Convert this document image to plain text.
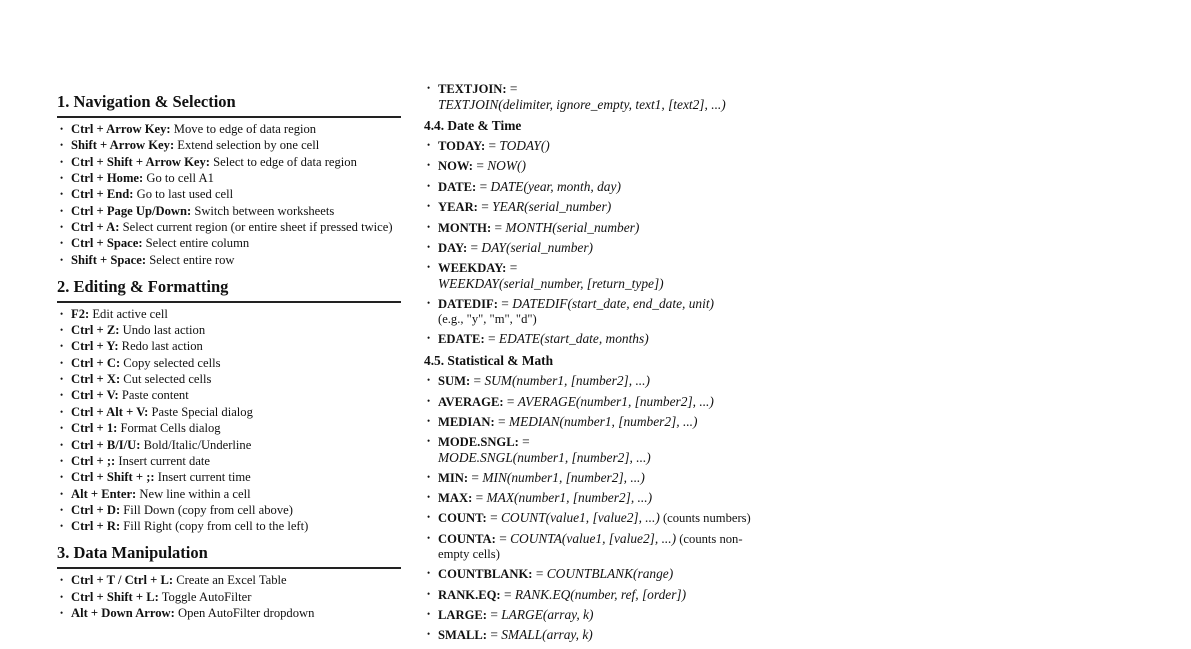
1. Navigation & Selection
• Ctrl + Arrow Key: Move to edge of data region
• Shift + Arrow Key: Extend selection by one cell
• Ctrl + Shift + Arrow Key: Select to edge of data region
• Ctrl + Home: Go to cell A1
• Ctrl + End: Go to last used cell
• Ctrl + Page Up/Down: Switch between worksheets
• Ctrl + A: Select current region (or entire sheet if pressed twice)
• Ctrl + Space: Select entire column
• Shift + Space: Select entire row
2. Editing & Formatting
• F2: Edit active cell
• Ctrl + Z: Undo last action
• Ctrl + Y: Redo last action
• Ctrl + C: Copy selected cells
• Ctrl + X: Cut selected cells
• Ctrl + V: Paste content
• Ctrl + Alt + V: Paste Special dialog
• Ctrl + 1: Format Cells dialog
• Ctrl + B/I/U: Bold/Italic/Underline
• Ctrl + ;: Insert current date
• Ctrl + Shift + ;: Insert current time
• Alt + Enter: New line within a cell
• Ctrl + D: Fill Down (copy from cell above)
• Ctrl + R: Fill Right (copy from cell to the left)
3. Data Manipulation
• Ctrl + T / Ctrl + L: Create an Excel Table
• Ctrl + Shift + L: Toggle AutoFilter
• Alt + Down Arrow: Open AutoFilter dropdown
• TEXTJOIN: =
TEXTJOIN(delimiter, ignore_empty, text1, [text2], ...)
4.4. Date & Time
• TODAY: = TODAY()
• NOW: = NOW()
• DATE: = DATE(year, month, day)
• YEAR: = YEAR(serial_number)
• MONTH: = MONTH(serial_number)
• DAY: = DAY(serial_number)
• WEEKDAY: =
WEEKDAY(serial_number, [return_type])
• DATEDIF: = DATEDIF(start_date, end_date, unit)
(e.g., "y", "m", "d")
• EDATE: = EDATE(start_date, months)
4.5. Statistical & Math
• SUM: = SUM(number1, [number2], ...)
• AVERAGE: = AVERAGE(number1, [number2], ...)
• MEDIAN: = MEDIAN(number1, [number2], ...)
• MODE.SNGL: =
MODE.SNGL(number1, [number2], ...)
• MIN: = MIN(number1, [number2], ...)
• MAX: = MAX(number1, [number2], ...)
• COUNT: = COUNT(value1, [value2], ...) (counts numbers)
• COUNTA: = COUNTA(value1, [value2], ...) (counts non-empty cells)
• COUNTBLANK: = COUNTBLANK(range)
• RANK.EQ: = RANK.EQ(number, ref, [order])
• LARGE: = LARGE(array, k)
• SMALL: = SMALL(array, k)
